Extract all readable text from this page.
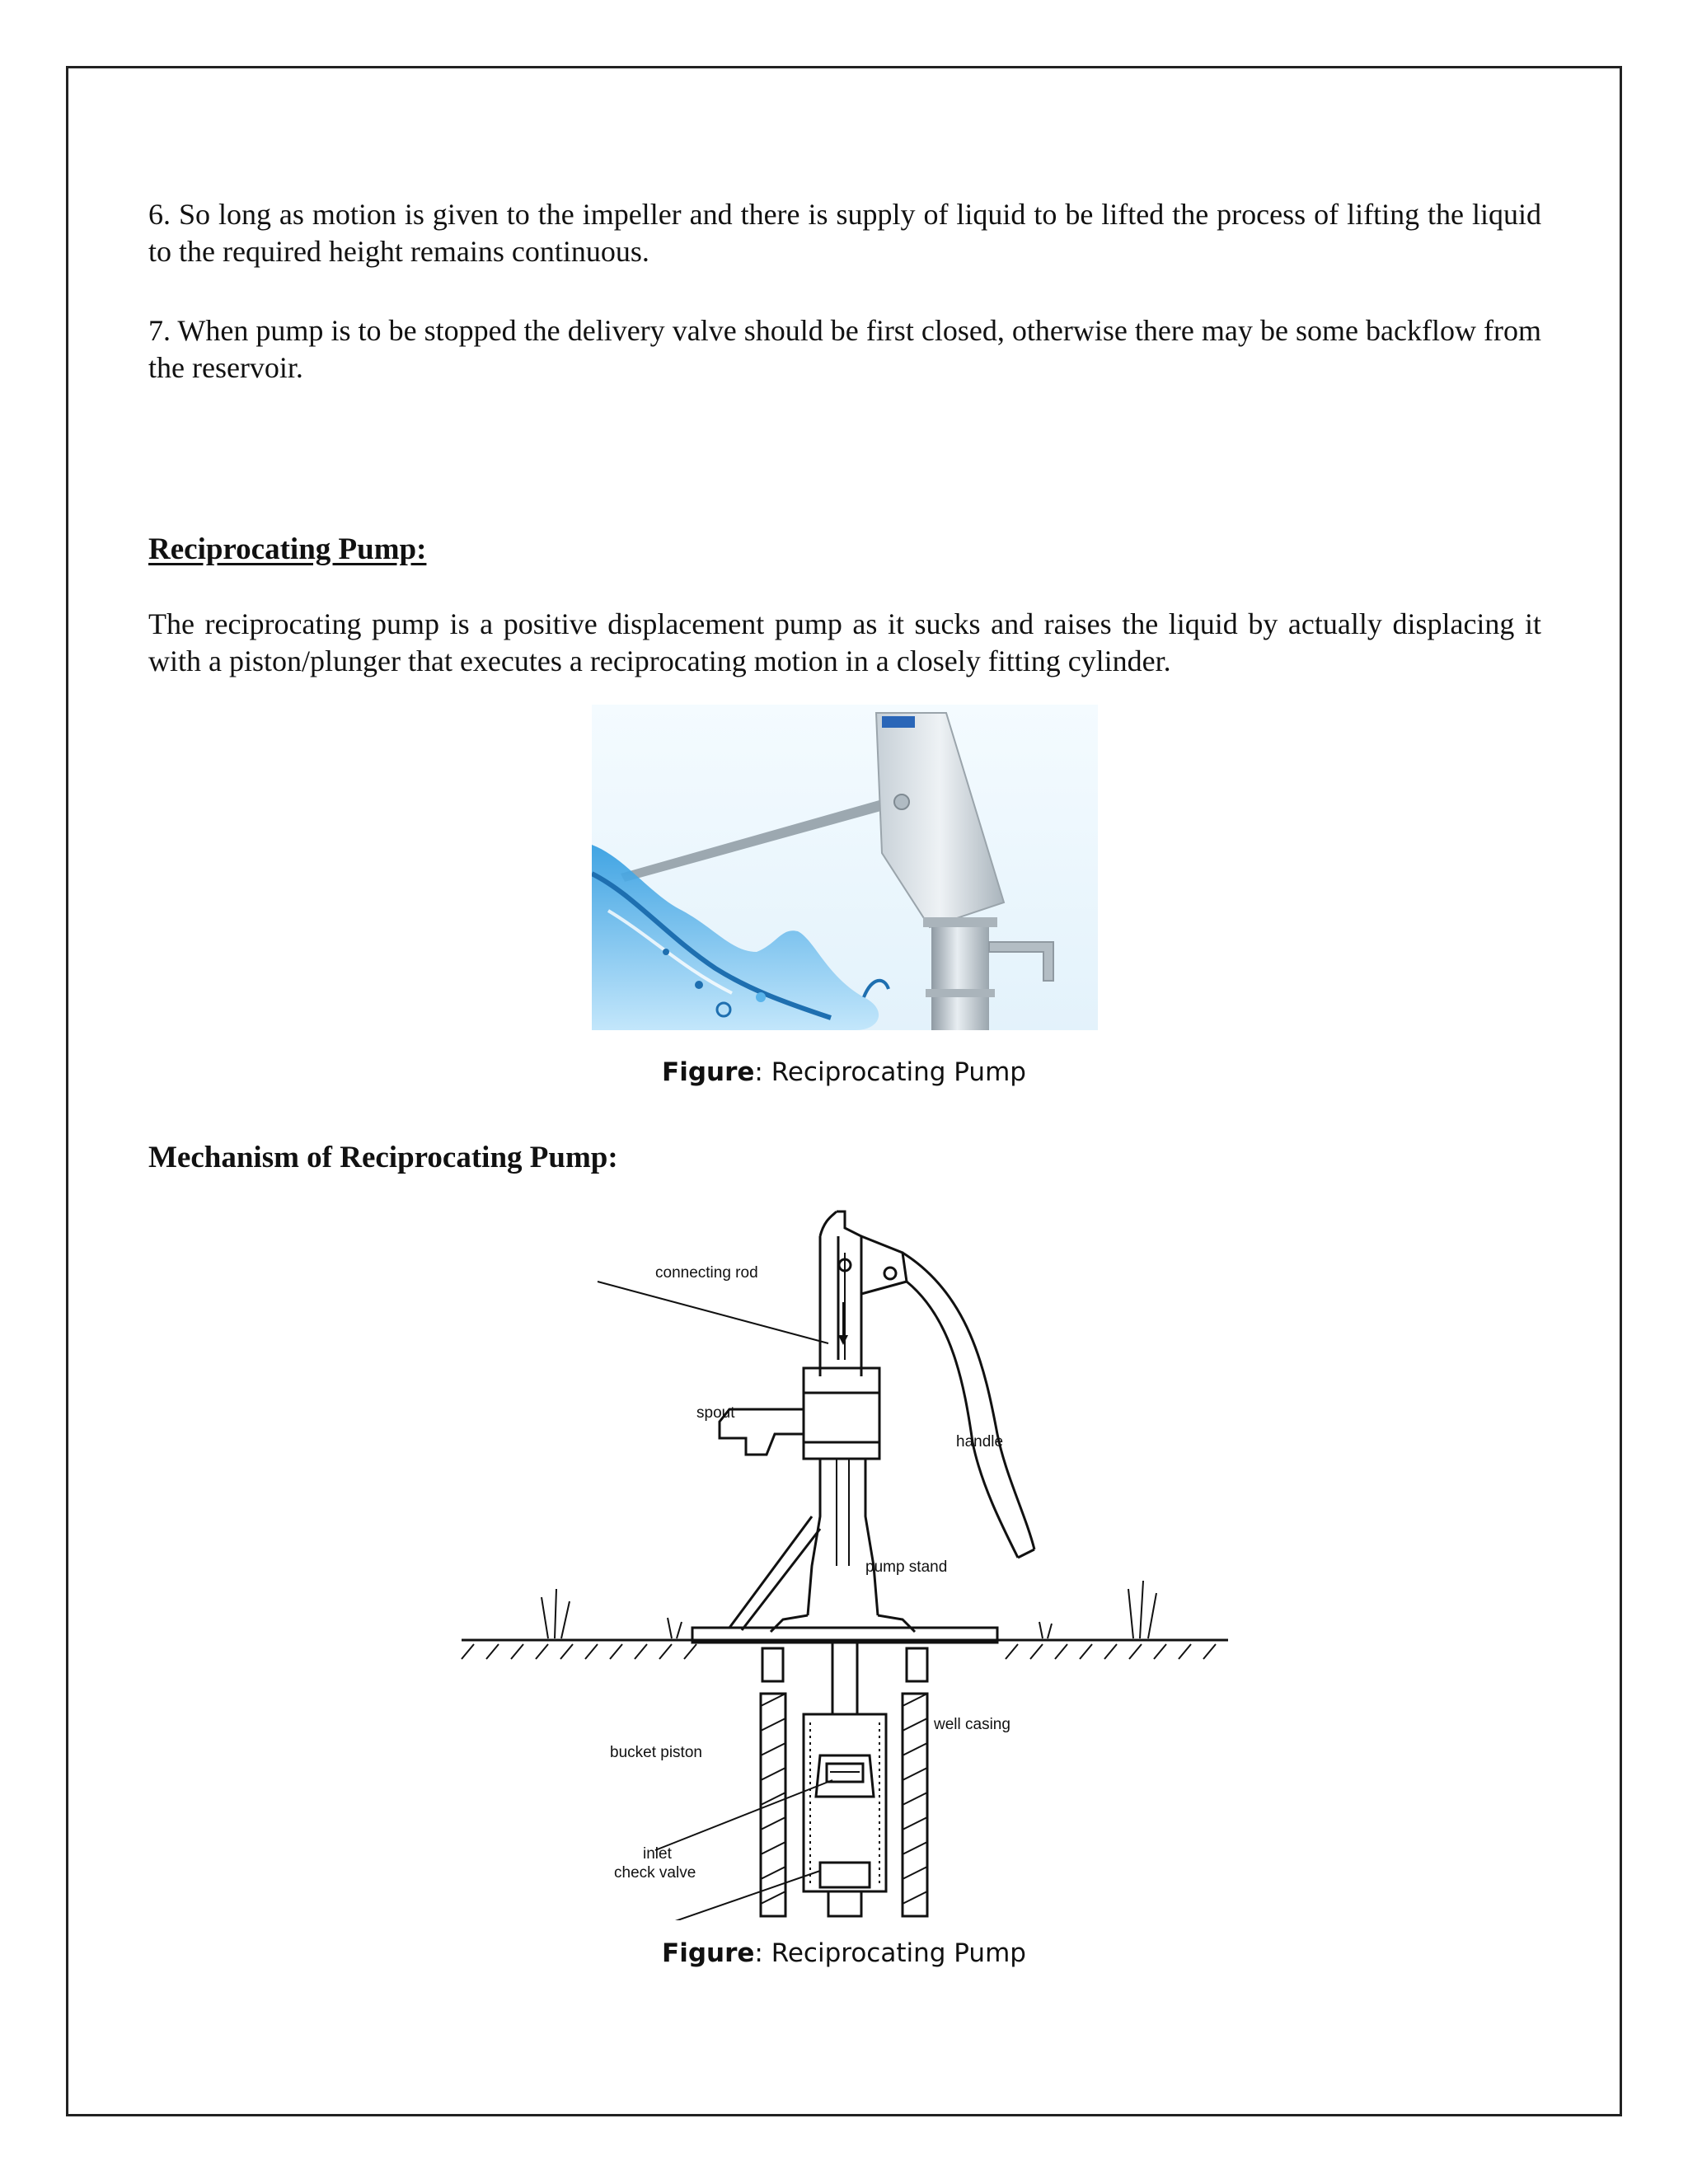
6. So long as motion is given to the impeller and there is supply of liquid to be lifted the process of lifting the liquid to the required height remains continuous.

7. When pump is to be stopped the delivery valve should be first closed, otherwise there may be some backflow from the reservoir.

Reciprocating Pump:

The reciprocating pump is a positive displacement pump as it sucks and raises the liquid by actually displacing it with a piston/plunger that executes a reciprocating motion in a closely fitting cylinder.

Figure: Reciprocating Pump
Mechanism of Reciprocating Pump:
connecting rod
spout
handle
pump stand
well casing
bucket piston
inlet
check valve
Figure: Reciprocating Pump
